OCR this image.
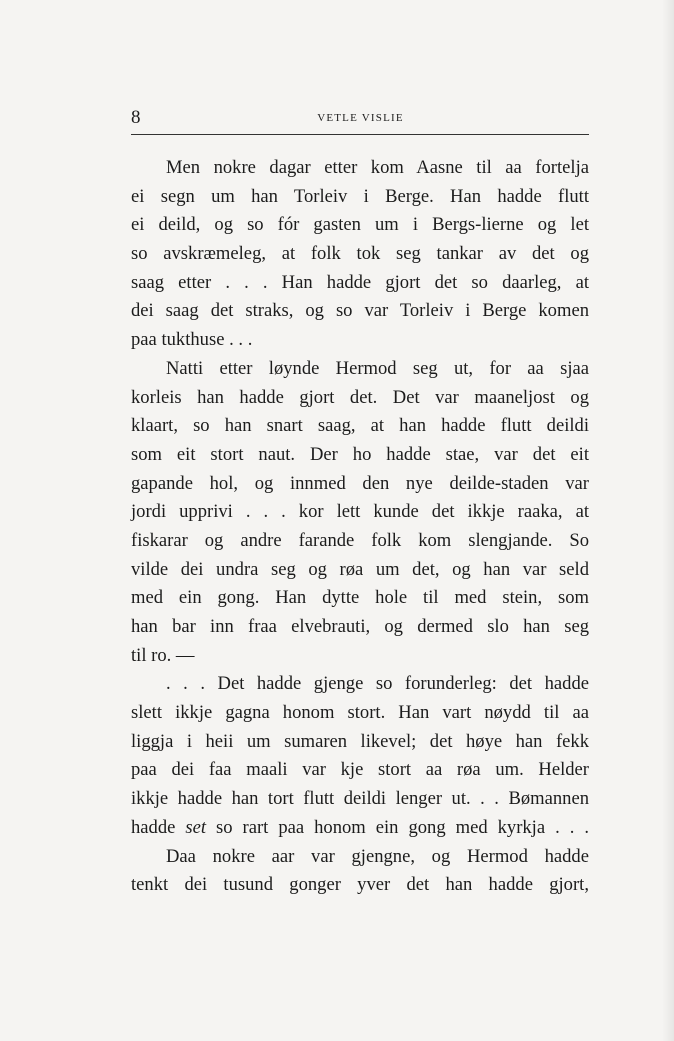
8	VETLE VISLIE
Men nokre dagar etter kom Aasne til aa fortelja
ei segn um han Torleiv i Berge. Han hadde flutt
ei deild, og so fór gasten um i Bergs-lierne og let
so avskræmeleg, at folk tok seg tankar av det og
saag etter . . . Han hadde gjort det so daarleg, at
dei saag det straks, og so var Torleiv i Berge komen
paa tukthuse . . .
Natti etter løynde Hermod seg ut, for aa sjaa
korleis han hadde gjort det. Det var maaneljost og
klaart, so han snart saag, at han hadde flutt deildi
som eit stort naut. Der ho hadde stae, var det eit
gapande hol, og innmed den nye deilde-staden var
jordi upprivi . . . kor lett kunde det ikkje raaka, at
fiskarar og andre farande folk kom slengjande. So
vilde dei undra seg og røa um det, og han var seld
med ein gong. Han dytte hole til med stein, som
han bar inn fraa elvebrauti, og dermed slo han seg
til ro. —
. . . Det hadde gjenge so forunderleg: det hadde
slett ikkje gagna honom stort. Han vart nøydd til aa
liggja i heii um sumaren likevel; det høye han fekk
paa dei faa maali var kje stort aa røa um. Helder
ikkje hadde han tort flutt deildi lenger ut. . . Bømannen
hadde set so rart paa honom ein gong med kyrkja . . .
Daa nokre aar var gjengne, og Hermod hadde
tenkt dei tusund gonger yver det han hadde gjort,
